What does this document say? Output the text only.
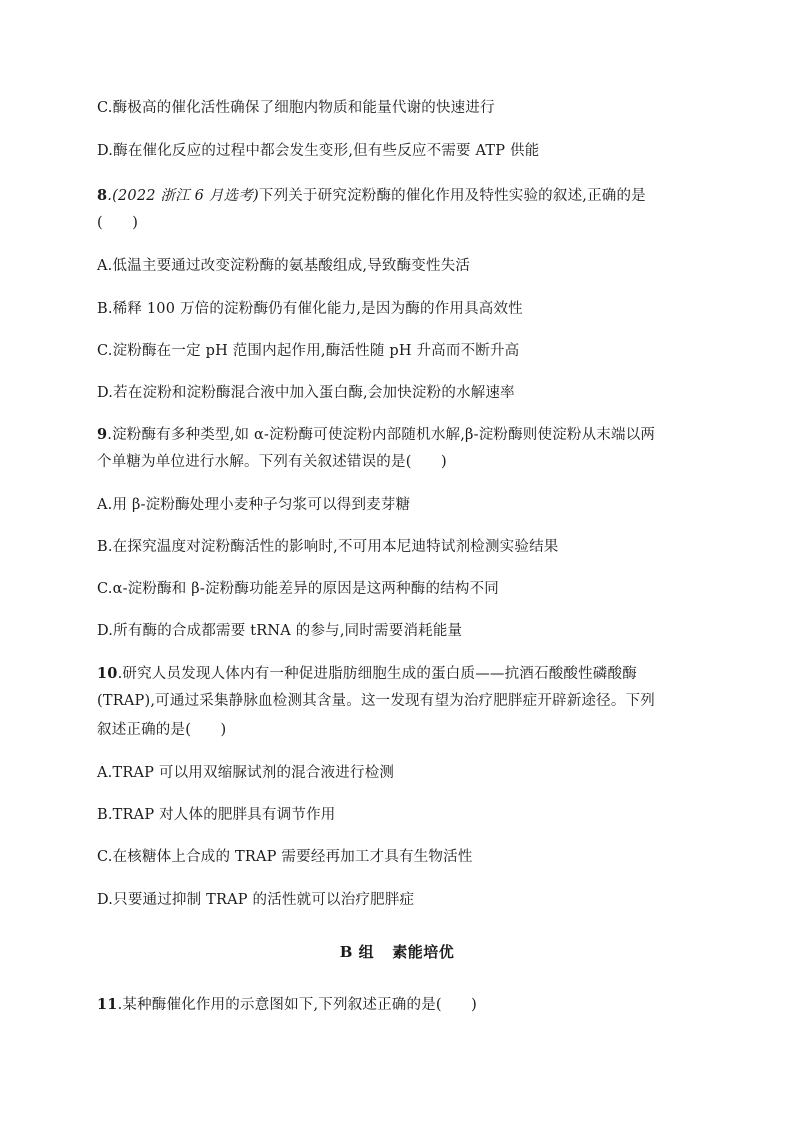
C.酶极高的催化活性确保了细胞内物质和能量代谢的快速进行
D.酶在催化反应的过程中都会发生变形,但有些反应不需要 ATP 供能
8.(2022 浙江 6 月选考)下列关于研究淀粉酶的催化作用及特性实验的叙述,正确的是
(　　)
A.低温主要通过改变淀粉酶的氨基酸组成,导致酶变性失活
B.稀释 100 万倍的淀粉酶仍有催化能力,是因为酶的作用具高效性
C.淀粉酶在一定 pH 范围内起作用,酶活性随 pH 升高而不断升高
D.若在淀粉和淀粉酶混合液中加入蛋白酶,会加快淀粉的水解速率
9.淀粉酶有多种类型,如 α-淀粉酶可使淀粉内部随机水解,β-淀粉酶则使淀粉从末端以两
个单糖为单位进行水解。下列有关叙述错误的是(　　)
A.用 β-淀粉酶处理小麦种子匀浆可以得到麦芽糖
B.在探究温度对淀粉酶活性的影响时,不可用本尼迪特试剂检测实验结果
C.α-淀粉酶和 β-淀粉酶功能差异的原因是这两种酶的结构不同
D.所有酶的合成都需要 tRNA 的参与,同时需要消耗能量
10.研究人员发现人体内有一种促进脂肪细胞生成的蛋白质——抗酒石酸酸性磷酸酶
(TRAP),可通过采集静脉血检测其含量。这一发现有望为治疗肥胖症开辟新途径。下列
叙述正确的是(　　)
A.TRAP 可以用双缩脲试剂的混合液进行检测
B.TRAP 对人体的肥胖具有调节作用
C.在核糖体上合成的 TRAP 需要经再加工才具有生物活性
D.只要通过抑制 TRAP 的活性就可以治疗肥胖症
B 组 素能培优
11.某种酶催化作用的示意图如下,下列叙述正确的是(　　)
